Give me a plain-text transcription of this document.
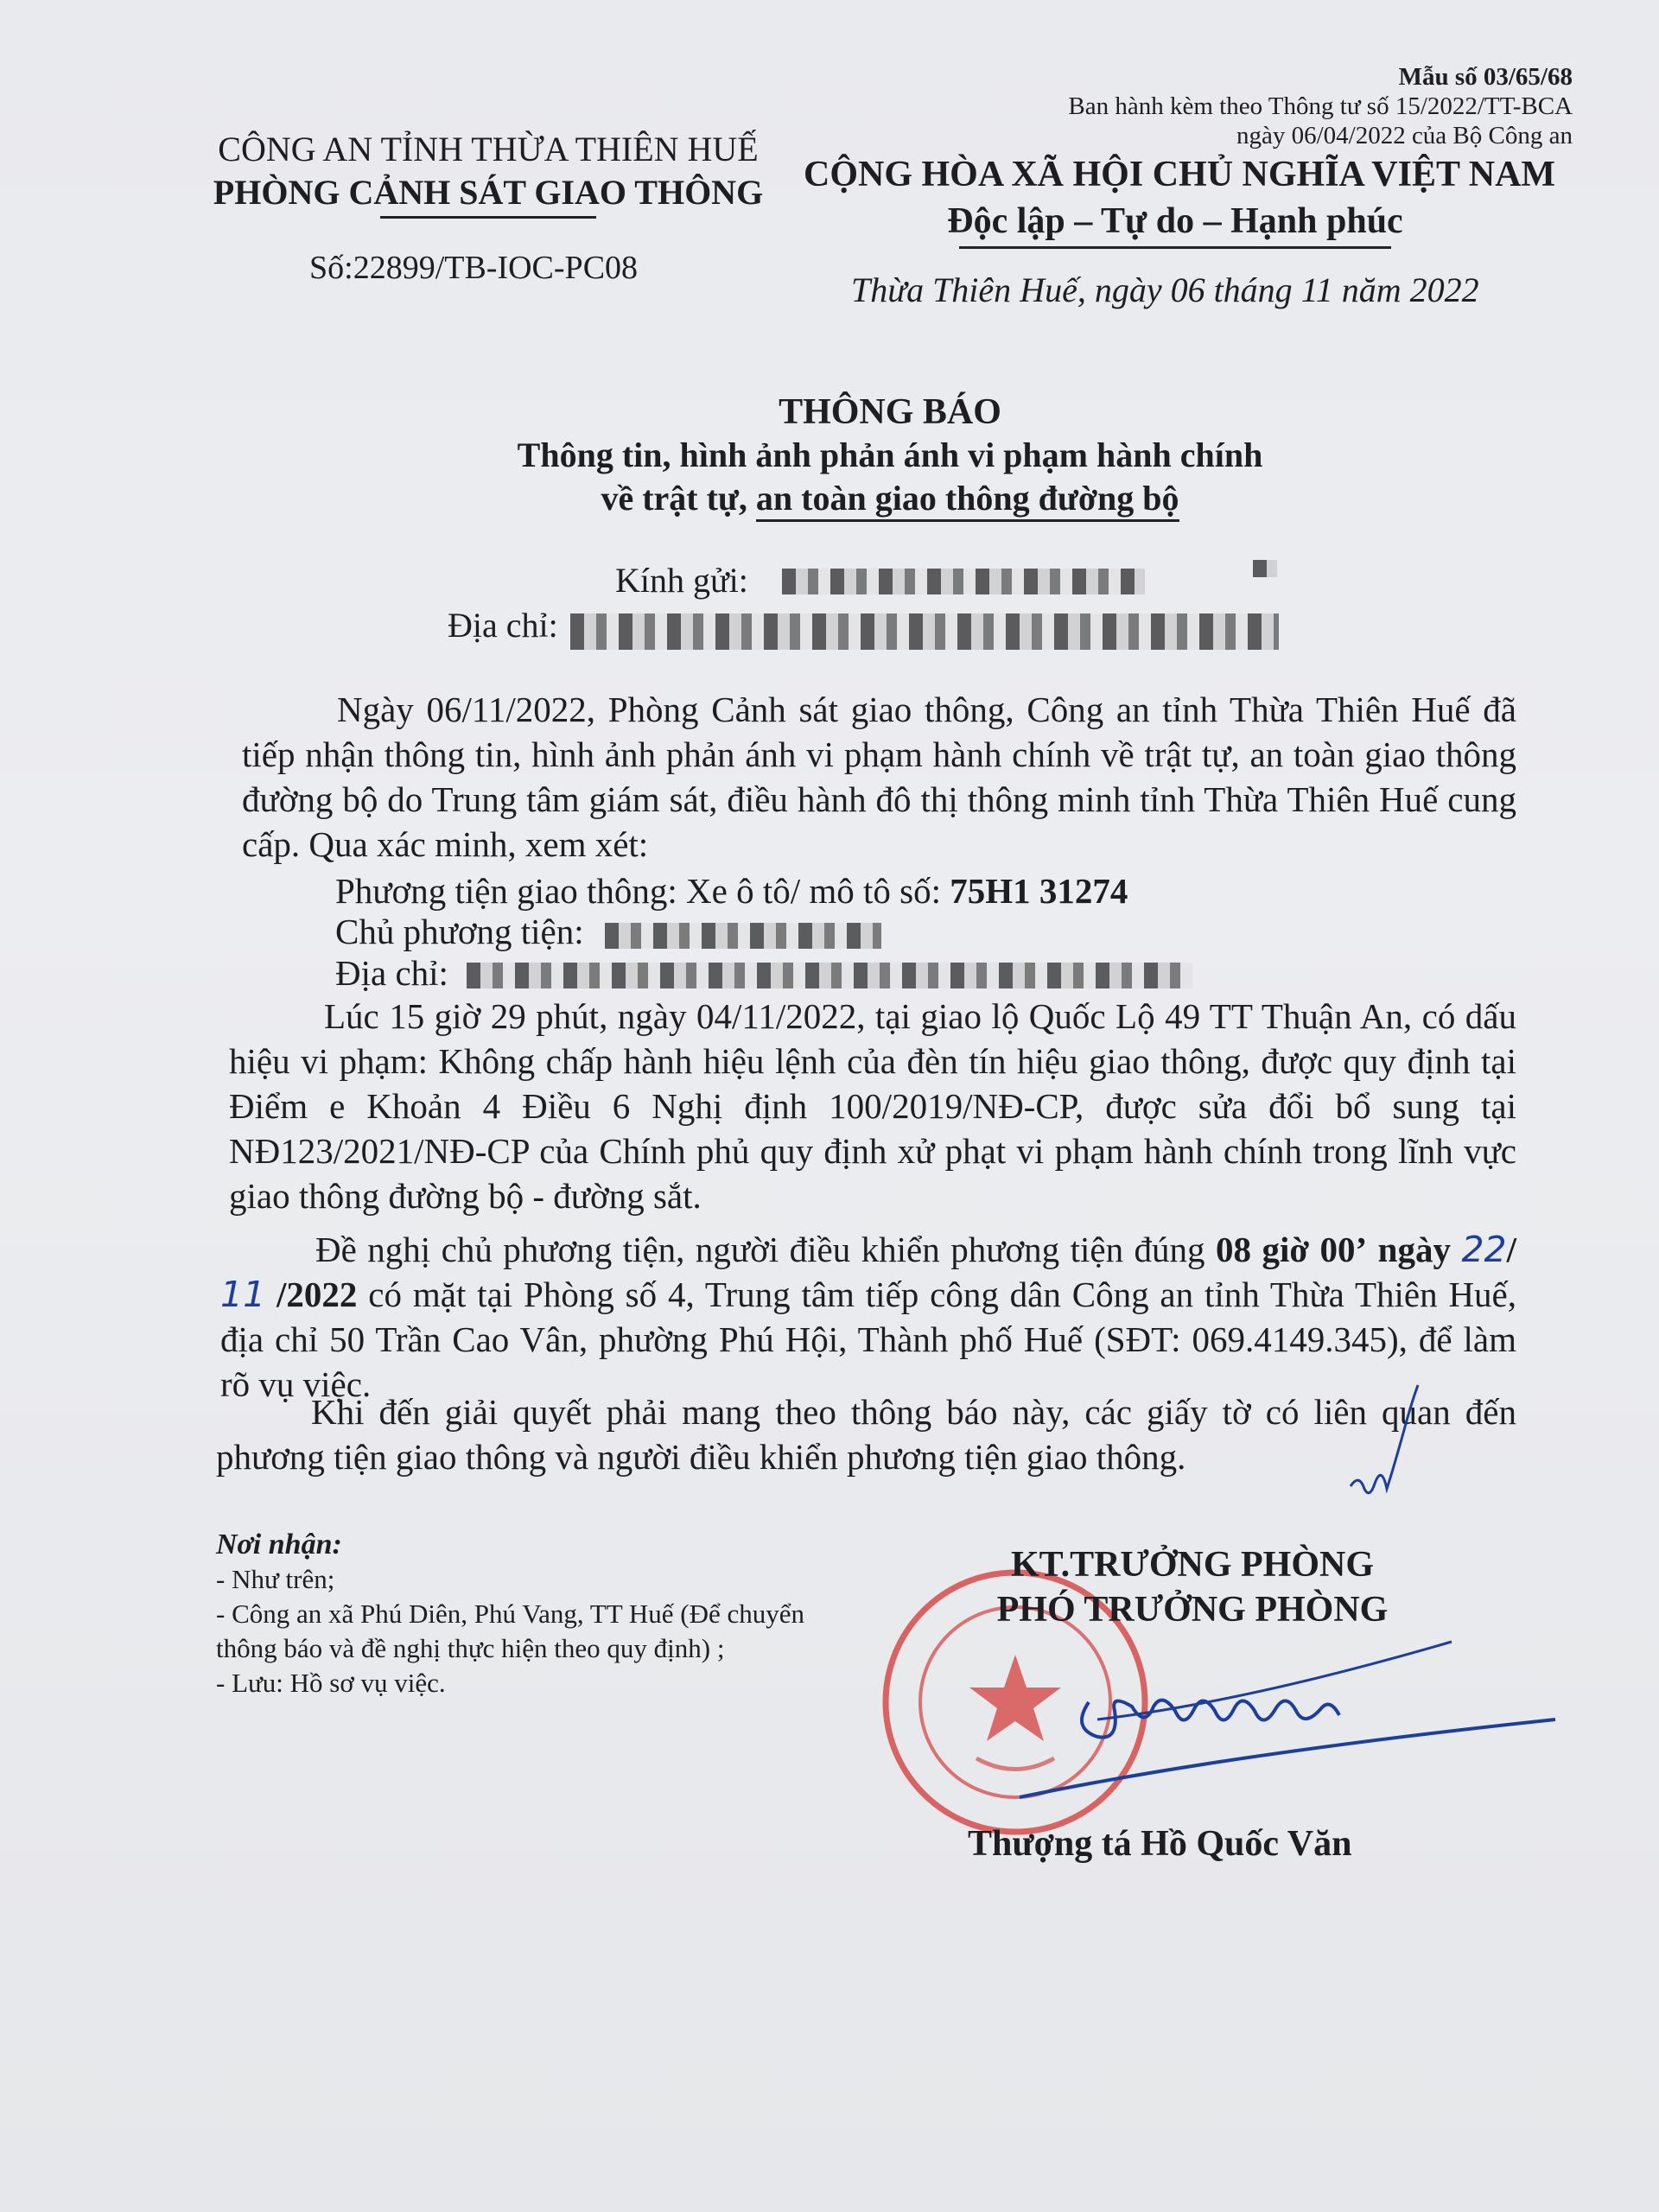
Mẫu số 03/65/68
Ban hành kèm theo Thông tư số 15/2022/TT-BCA
ngày 06/04/2022 của Bộ Công an
CÔNG AN TỈNH THỪA THIÊN HUẾ
PHÒNG CẢNH SÁT GIAO THÔNG
Số:22899/TB-IOC-PC08
CỘNG HÒA XÃ HỘI CHỦ NGHĨA VIỆT NAM
Độc lập – Tự do – Hạnh phúc
Thừa Thiên Huế, ngày 06 tháng 11 năm 2022
THÔNG BÁO
Thông tin, hình ảnh phản ánh vi phạm hành chính
về trật tự, an toàn giao thông đường bộ
Kính gửi:
Địa chỉ:
Ngày 06/11/2022, Phòng Cảnh sát giao thông, Công an tỉnh Thừa Thiên Huế đã tiếp nhận thông tin, hình ảnh phản ánh vi phạm hành chính về trật tự, an toàn giao thông đường bộ do Trung tâm giám sát, điều hành đô thị thông minh tỉnh Thừa Thiên Huế cung cấp. Qua xác minh, xem xét:
Phương tiện giao thông: Xe ô tô/ mô tô số: 75H1 31274
Chủ phương tiện:
Địa chỉ:
Lúc 15 giờ 29 phút, ngày 04/11/2022, tại giao lộ Quốc Lộ 49 TT Thuận An, có dấu hiệu vi phạm: Không chấp hành hiệu lệnh của đèn tín hiệu giao thông, được quy định tại Điểm e Khoản 4 Điều 6 Nghị định 100/2019/NĐ-CP, được sửa đổi bổ sung tại NĐ123/2021/NĐ-CP của Chính phủ quy định xử phạt vi phạm hành chính trong lĩnh vực giao thông đường bộ - đường sắt.
Đề nghị chủ phương tiện, người điều khiển phương tiện đúng 08 giờ 00’ ngày 22/ 11 /2022 có mặt tại Phòng số 4, Trung tâm tiếp công dân Công an tỉnh Thừa Thiên Huế, địa chỉ 50 Trần Cao Vân, phường Phú Hội, Thành phố Huế (SĐT: 069.4149.345), để làm rõ vụ việc.
Khi đến giải quyết phải mang theo thông báo này, các giấy tờ có liên quan đến phương tiện giao thông và người điều khiển phương tiện giao thông.
Nơi nhận:
- Như trên;
- Công an xã Phú Diên, Phú Vang, TT Huế (Để chuyển thông báo và đề nghị thực hiện theo quy định) ;
- Lưu: Hồ sơ vụ việc.
KT.TRƯỞNG PHÒNG
PHÓ TRƯỞNG PHÒNG
Thượng tá Hồ Quốc Văn
